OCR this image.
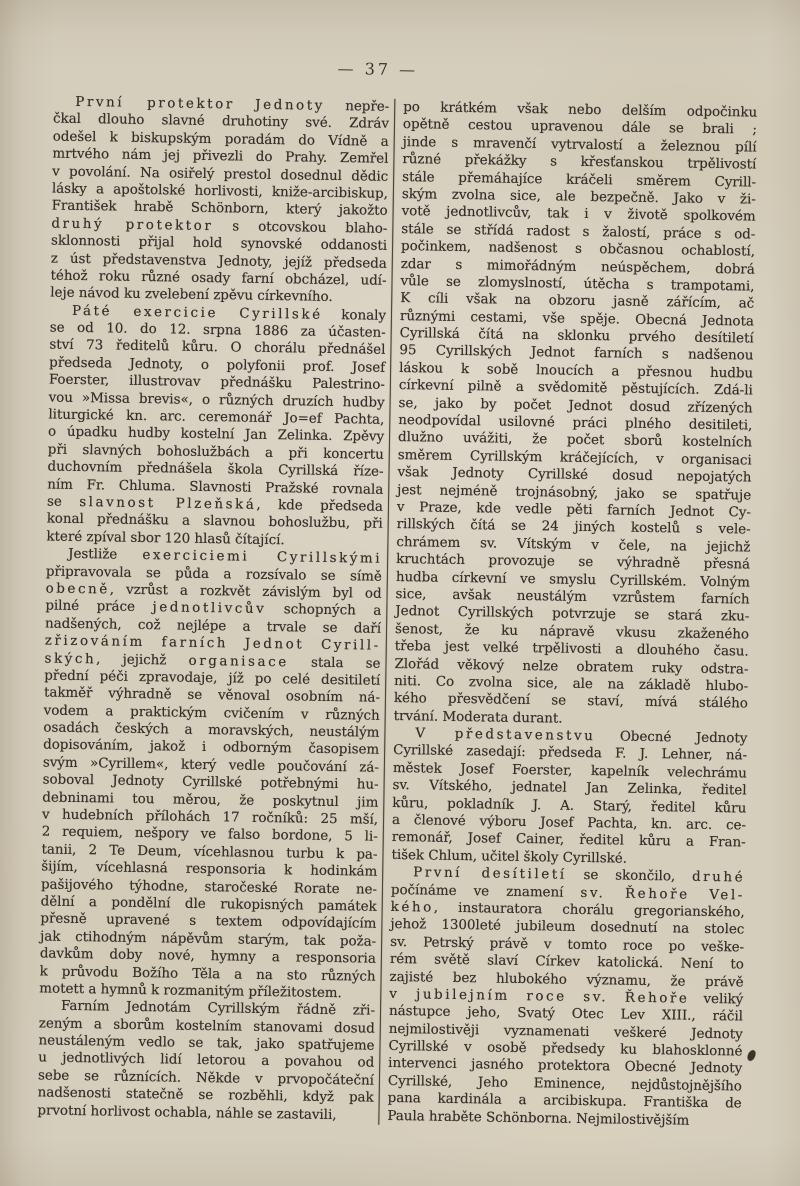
— 37 —
První protektor Jednoty nepře-
čkal dlouho slavné druhotiny své. Zdráv
odešel k biskupským poradám do Vídně a
mrtvého nám jej přivezli do Prahy. Zemřel
v povolání. Na osiřelý prestol dosednul dědic
lásky a apoštolské horlivosti, kniže-arcibiskup,
František hrabě Schönborn, který jakožto
druhý protektor s otcovskou blaho-
sklonnosti přijal hold synovské oddanosti
z úst představenstva Jednoty, jejíž předseda
téhož roku různé osady farní obcházel, udí-
leje návod ku zvelebení zpěvu církevního.
Páté exercicie Cyrillské konaly
se od 10. do 12. srpna 1886 za účasten-
ství 73 ředitelů kůru. O chorálu přednášel
předseda Jednoty, o polyfonii prof. Josef
Foerster, illustrovav přednášku Palestrino-
vou »Missa brevis«, o různých druzích hudby
liturgické kn. arc. ceremonář Jo=ef Pachta,
o úpadku hudby kostelní Jan Zelinka. Zpěvy
při slavných bohoslužbách a při koncertu
duchovním přednášela škola Cyrillská říze-
ním Fr. Chluma. Slavnosti Pražské rovnala
se slavnost Plzeňská, kde předseda
konal přednášku a slavnou bohoslužbu, při
které zpíval sbor 120 hlasů čítající.
Jestliže exerciciemi Cyrillskými
připravovala se půda a rozsívalo se símě
obecně, vzrůst a rozkvět závislým byl od
pilné práce jednotlivcův schopných a
nadšených, což nejlépe a trvale se daří
zřizováním farních Jednot Cyrill-
ských, jejichž organisace stala se
přední péči zpravodaje, jíž po celé desitiletí
takměř výhradně se věnoval osobním ná-
vodem a praktickým cvičením v různých
osadách českých a moravských, neustálým
dopisováním, jakož i odborným časopisem
svým »Cyrillem«, který vedle poučování zá-
soboval Jednoty Cyrillské potřebnými hu-
debninami tou měrou, že poskytnul jim
v hudebních přílohách 17 ročníků: 25 mší,
2 requiem, nešpory ve falso bordone, 5 li-
tanii, 2 Te Deum, vícehlasnou turbu k pa-
šijím, vícehlasná responsoria k hodinkám
pašijového týhodne, staročeské Rorate ne-
dělní a pondělní dle rukopisných památek
přesně upravené s textem odpovídajícím
jak ctihodným nápěvům starým, tak poža-
davkům doby nové, hymny a responsoria
k průvodu Božího Těla a na sto různých
motett a hymnů k rozmanitým příležitostem.
Farním Jednotám Cyrillským řádně zři-
zeným a sborům kostelním stanovami dosud
neustáleným vedlo se tak, jako spatřujeme
u jednotlivých lidí letorou a povahou od
sebe se různících. Někde v prvopočáteční
nadšenosti statečně se rozběhli, když pak
prvotní horlivost ochabla, náhle se zastavili,
po krátkém však nebo delším odpočinku
opětně cestou upravenou dále se brali ;
jinde s mravenčí vytrvalostí a železnou pílí
různé překážky s křesťanskou trpělivostí
stále přemáhajíce kráčeli směrem Cyrill-
ským zvolna sice, ale bezpečně. Jako v ži-
votě jednotlivcův, tak i v životě spolkovém
stále se střídá radost s žalostí, práce s od-
počinkem, nadšenost s občasnou ochablostí,
zdar s mimořádným neúspěchem, dobrá
vůle se zlomyslností, útěcha s trampotami,
K cíli však na obzoru jasně zářícím, ač
různými cestami, vše spěje. Obecná Jednota
Cyrillská čítá na sklonku prvého desítiletí
95 Cyrillských Jednot farních s nadšenou
láskou k sobě lnoucích a přesnou hudbu
církevní pilně a svědomitě pěstujících. Zdá-li
se, jako by počet Jednot dosud zřízených
neodpovídal usilovné práci plného desitileti,
dlužno uvážiti, že počet sborů kostelních
směrem Cyrillským kráčejících, v organisaci
však Jednoty Cyrillské dosud nepojatých
jest nejméně trojnásobný, jako se spatřuje
v Praze, kde vedle pěti farních Jednot Cy-
rillských čítá se 24 jiných kostelů s vele-
chrámem sv. Vítským v čele, na jejichž
kruchtách provozuje se výhradně přesná
hudba církevní ve smyslu Cyrillském. Volným
sice, avšak neustálým vzrůstem farních
Jednot Cyrillských potvrzuje se stará zku-
šenost, že ku nápravě vkusu zkaženého
třeba jest velké trpělivosti a dlouhého času.
Zlořád věkový nelze obratem ruky odstra-
niti. Co zvolna sice, ale na základě hlubo-
kého přesvědčení se staví, mívá stálého
trvání. Moderata durant.
V představenstvu Obecné Jednoty
Cyrillské zasedají: předseda F. J. Lehner, ná-
městek Josef Foerster, kapelník velechrámu
sv. Vítského, jednatel Jan Zelinka, ředitel
kůru, pokladník J. A. Starý, ředitel kůru
a členové výboru Josef Pachta, kn. arc. ce-
remonář, Josef Cainer, ředitel kůru a Fran-
tišek Chlum, učitel školy Cyrillské.
První desítiletí se skončilo, druhé
počínáme ve znamení sv. Řehoře Vel-
kého, instauratora chorálu gregorianského,
jehož 1300leté jubileum dosednutí na stolec
sv. Petrský právě v tomto roce po veške-
rém světě slaví Církev katolická. Není to
zajisté bez hlubokého významu, že právě
v jubilejním roce sv. Řehoře veliký
nástupce jeho, Svatý Otec Lev XIII., ráčil
nejmilostivěji vyznamenati veškeré Jednoty
Cyrillské v osobě předsedy ku blahosklonné
intervenci jasného protektora Obecné Jednoty
Cyrillské, Jeho Eminence, nejdůstojnějšího
pana kardinála a arcibiskupa. Františka de
Paula hraběte Schönborna. Nejmilostivějším
